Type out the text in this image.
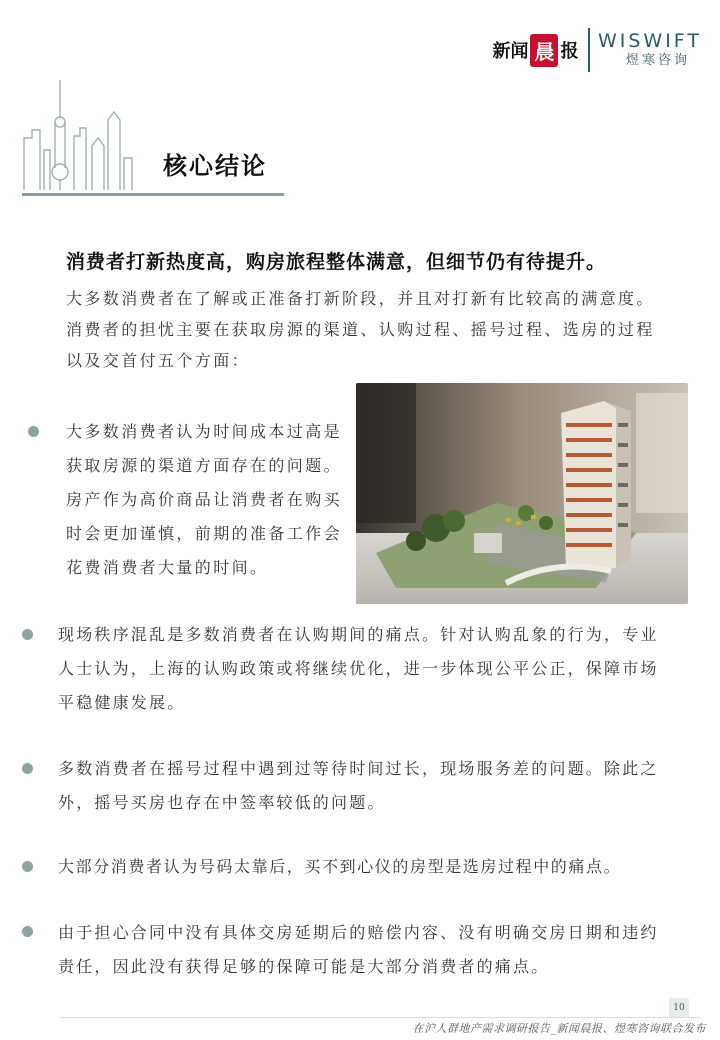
新闻 晨 报 WISWIFT
煜寒咨询
核心结论
消费者打新热度高，购房旅程整体满意，但细节仍有待提升。
大多数消费者在了解或正准备打新阶段，并且对打新有比较高的满意度。消费者的担忧主要在获取房源的渠道、认购过程、摇号过程、选房的过程以及交首付五个方面：
大多数消费者认为时间成本过高是获取房源的渠道方面存在的问题。房产作为高价商品让消费者在购买时会更加谨慎，前期的准备工作会花费消费者大量的时间。
现场秩序混乱是多数消费者在认购期间的痛点。针对认购乱象的行为，专业人士认为，上海的认购政策或将继续优化，进一步体现公平公正，保障市场平稳健康发展。
多数消费者在摇号过程中遇到过等待时间过长，现场服务差的问题。除此之外，摇号买房也存在中签率较低的问题。
大部分消费者认为号码太靠后，买不到心仪的房型是选房过程中的痛点。
由于担心合同中没有具体交房延期后的赔偿内容、没有明确交房日期和违约责任，因此没有获得足够的保障可能是大部分消费者的痛点。
10
在沪人群地产需求调研报告_新闻晨报、煜寒咨询联合发布
